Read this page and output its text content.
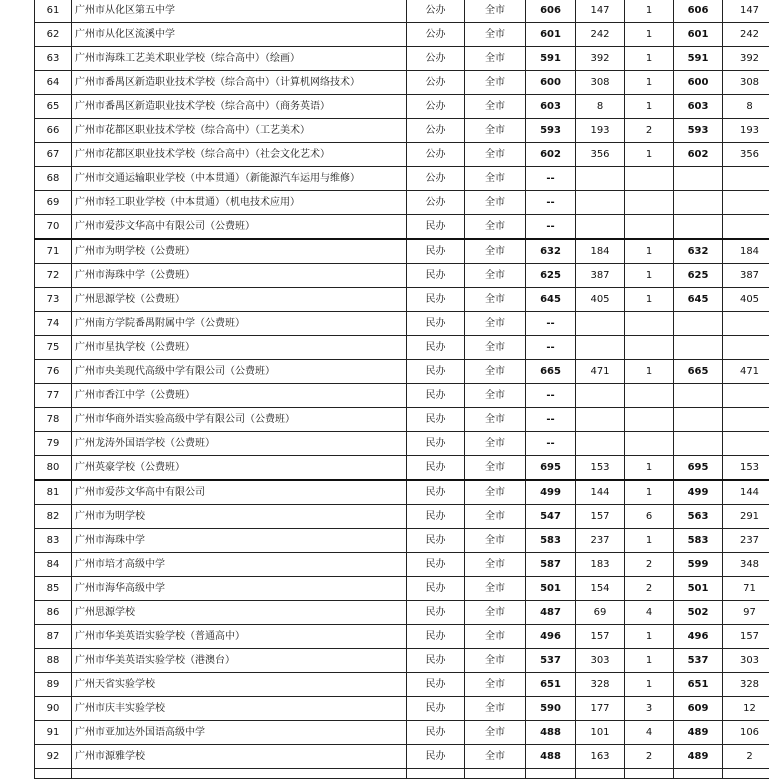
61	广州市从化区第五中学	公办	全市	606	147	1	606	147
62	广州市从化区流溪中学	公办	全市	601	242	1	601	242
63	广州市海珠工艺美术职业学校（综合高中）（绘画）	公办	全市	591	392	1	591	392
64	广州市番禺区新造职业技术学校（综合高中）（计算机网络技术）	公办	全市	600	308	1	600	308
65	广州市番禺区新造职业技术学校（综合高中）（商务英语）	公办	全市	603	8	1	603	8
66	广州市花都区职业技术学校（综合高中）（工艺美术）	公办	全市	593	193	2	593	193
67	广州市花都区职业技术学校（综合高中）（社会文化艺术）	公办	全市	602	356	1	602	356
68	广州市交通运输职业学校（中本贯通）（新能源汽车运用与维修）	公办	全市	--				
69	广州市轻工职业学校（中本贯通）（机电技术应用）	公办	全市	--				
70	广州市爱莎文华高中有限公司（公费班）	民办	全市	--				
71	广州市为明学校（公费班）	民办	全市	632	184	1	632	184
72	广州市海珠中学（公费班）	民办	全市	625	387	1	625	387
73	广州思源学校（公费班）	民办	全市	645	405	1	645	405
74	广州南方学院番禺附属中学（公费班）	民办	全市	--				
75	广州市星执学校（公费班）	民办	全市	--				
76	广州市央美现代高级中学有限公司（公费班）	民办	全市	665	471	1	665	471
77	广州市香江中学（公费班）	民办	全市	--				
78	广州市华商外语实验高级中学有限公司（公费班）	民办	全市	--				
79	广州龙涛外国语学校（公费班）	民办	全市	--				
80	广州英豪学校（公费班）	民办	全市	695	153	1	695	153
81	广州市爱莎文华高中有限公司	民办	全市	499	144	1	499	144
82	广州市为明学校	民办	全市	547	157	6	563	291
83	广州市海珠中学	民办	全市	583	237	1	583	237
84	广州市培才高级中学	民办	全市	587	183	2	599	348
85	广州市海华高级中学	民办	全市	501	154	2	501	71
86	广州思源学校	民办	全市	487	69	4	502	97
87	广州市华美英语实验学校（普通高中）	民办	全市	496	157	1	496	157
88	广州市华美英语实验学校（港澳台）	民办	全市	537	303	1	537	303
89	广州天省实验学校	民办	全市	651	328	1	651	328
90	广州市庆丰实验学校	民办	全市	590	177	3	609	12
91	广州市亚加达外国语高级中学	民办	全市	488	101	4	489	106
92	广州市源雅学校	民办	全市	488	163	2	489	2
